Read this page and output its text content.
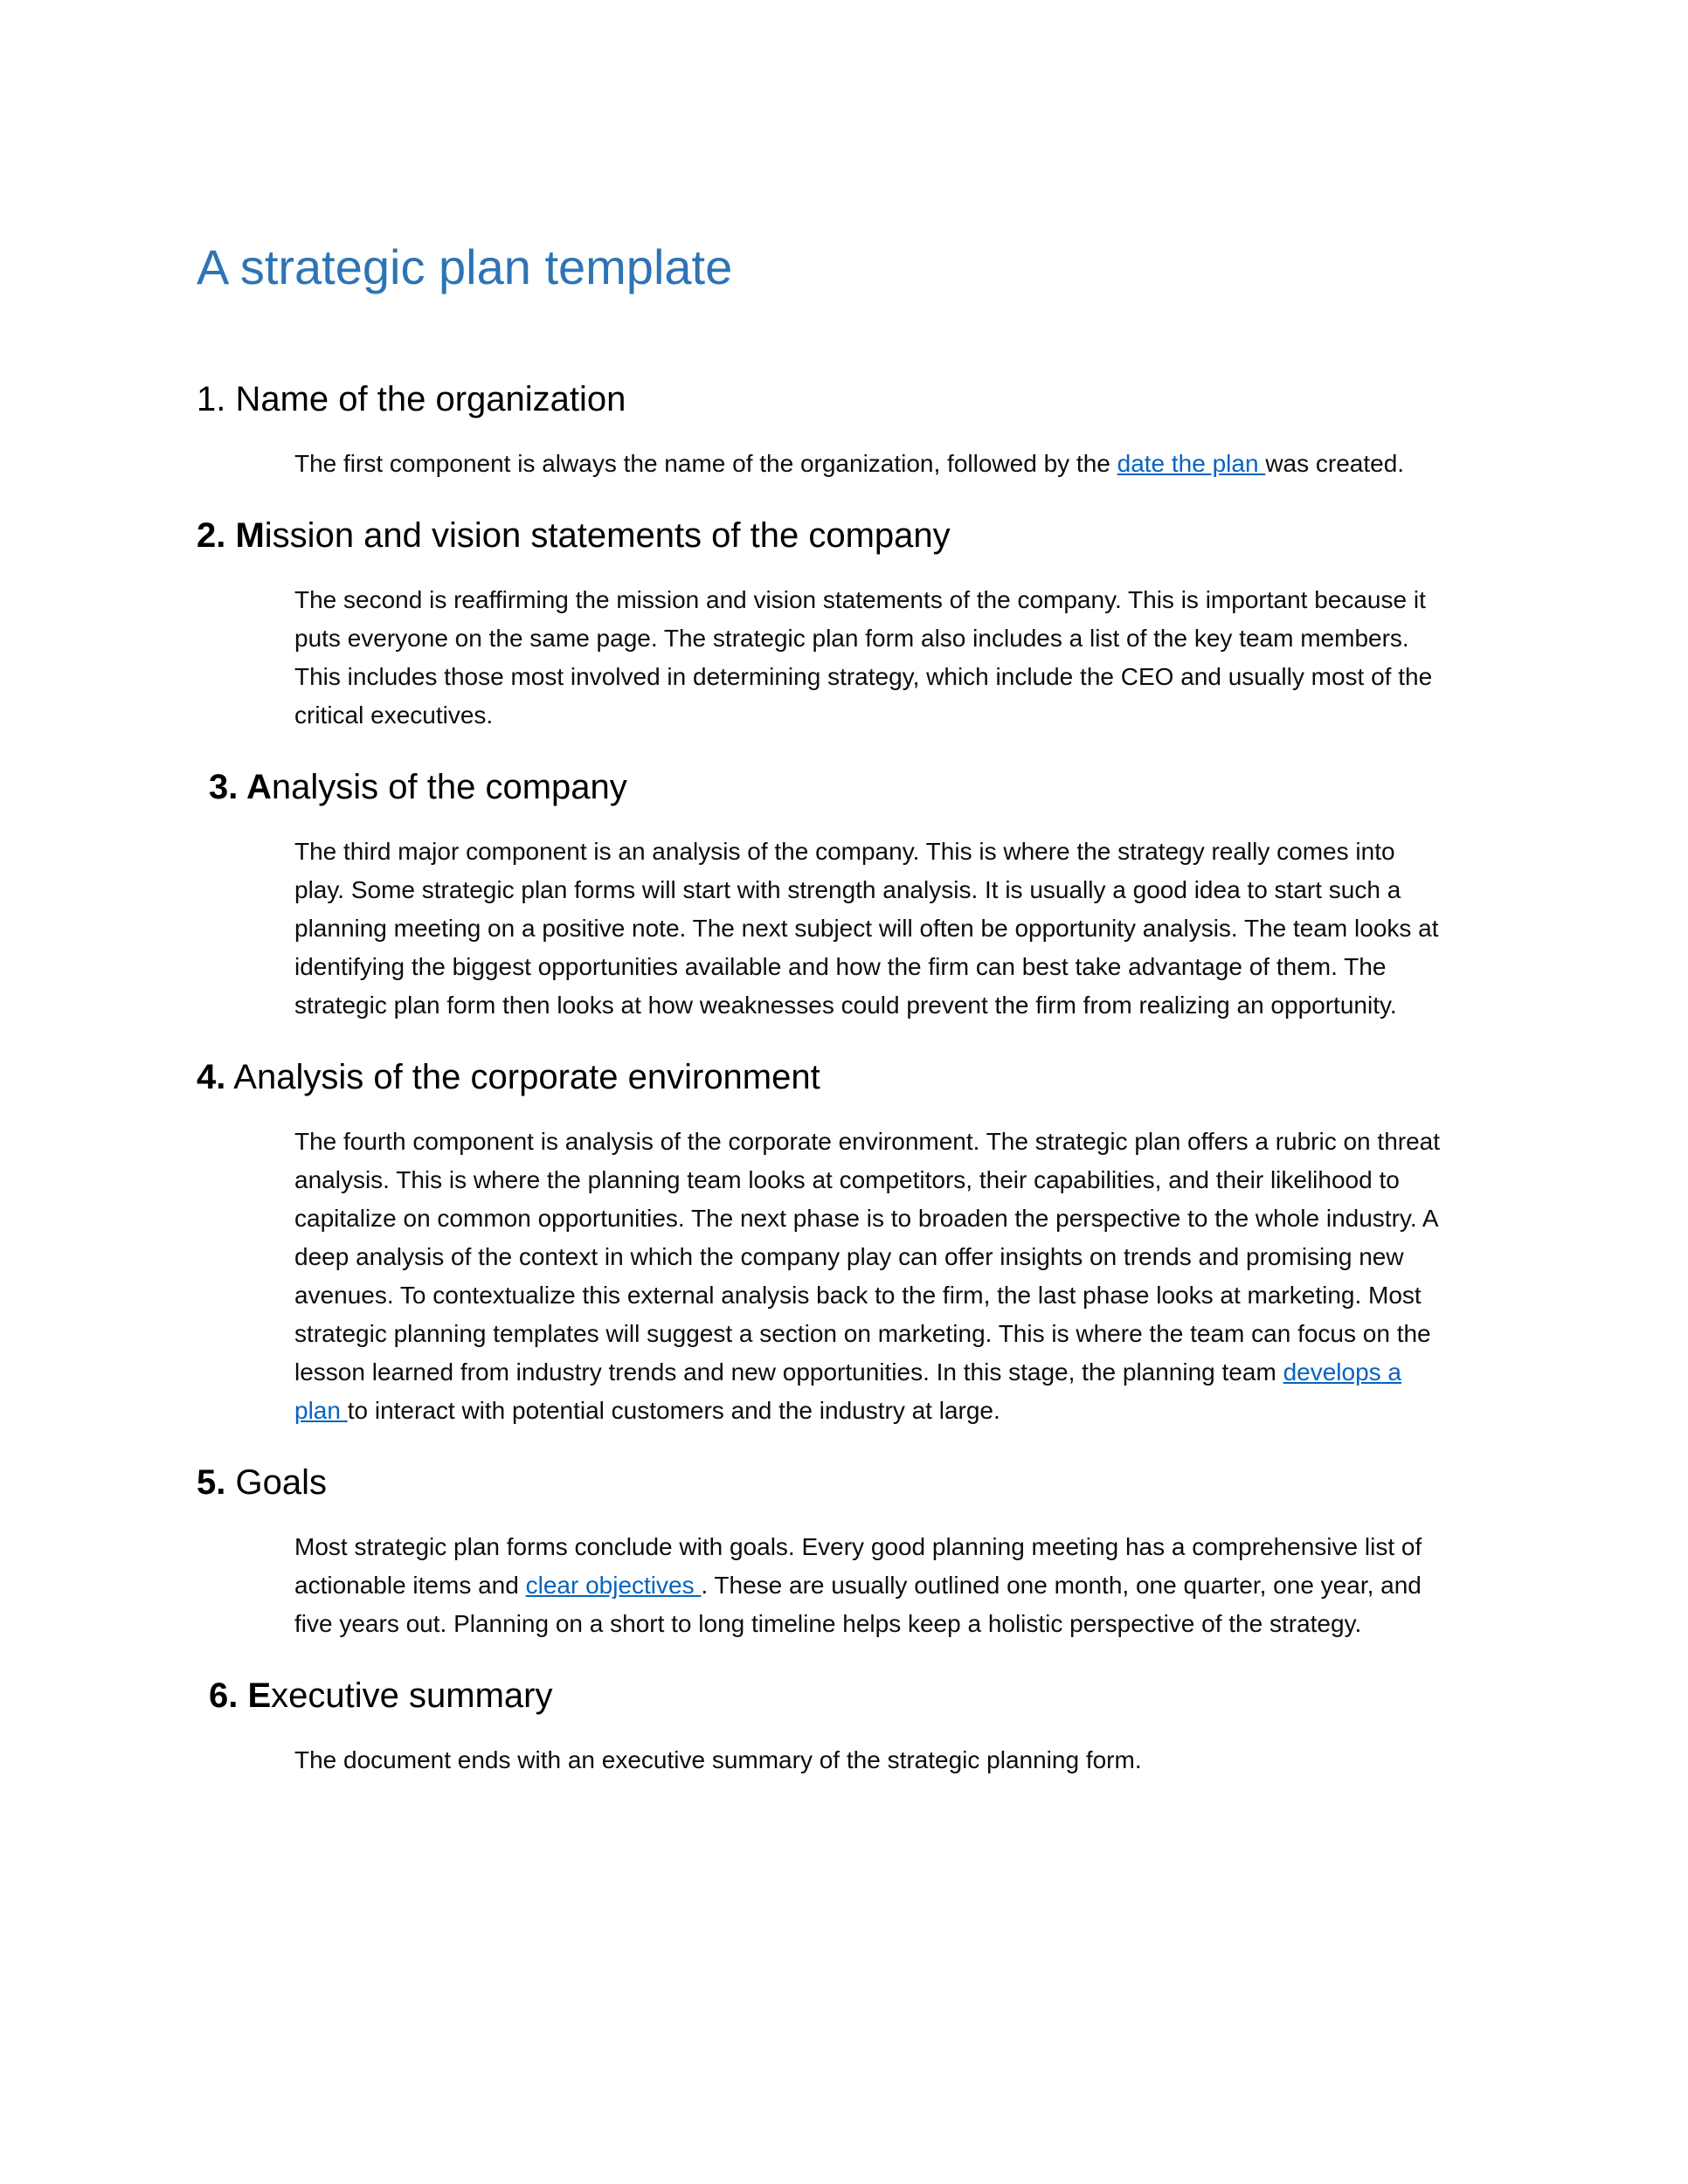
A strategic plan template
1. Name of the organization

The first component is always the name of the organization, followed by the date the plan was created.

2. Mission and vision statements of the company

The second is reaffirming the mission and vision statements of the company. This is important because it puts everyone on the same page. The strategic plan form also includes a list of the key team members. This includes those most involved in determining strategy, which include the CEO and usually most of the critical executives.

3. Analysis of the company

The third major component is an analysis of the company. This is where the strategy really comes into play. Some strategic plan forms will start with strength analysis. It is usually a good idea to start such a planning meeting on a positive note. The next subject will often be opportunity analysis. The team looks at identifying the biggest opportunities available and how the firm can best take advantage of them. The strategic plan form then looks at how weaknesses could prevent the firm from realizing an opportunity.

4. Analysis of the corporate environment

The fourth component is analysis of the corporate environment. The strategic plan offers a rubric on threat analysis. This is where the planning team looks at competitors, their capabilities, and their likelihood to capitalize on common opportunities. The next phase is to broaden the perspective to the whole industry. A deep analysis of the context in which the company play can offer insights on trends and promising new avenues. To contextualize this external analysis back to the firm, the last phase looks at marketing. Most strategic planning templates will suggest a section on marketing. This is where the team can focus on the lesson learned from industry trends and new opportunities. In this stage, the planning team develops a plan to interact with potential customers and the industry at large.

5. Goals

Most strategic plan forms conclude with goals. Every good planning meeting has a comprehensive list of actionable items and clear objectives . These are usually outlined one month, one quarter, one year, and five years out. Planning on a short to long timeline helps keep a holistic perspective of the strategy.

6. Executive summary

The document ends with an executive summary of the strategic planning form.
